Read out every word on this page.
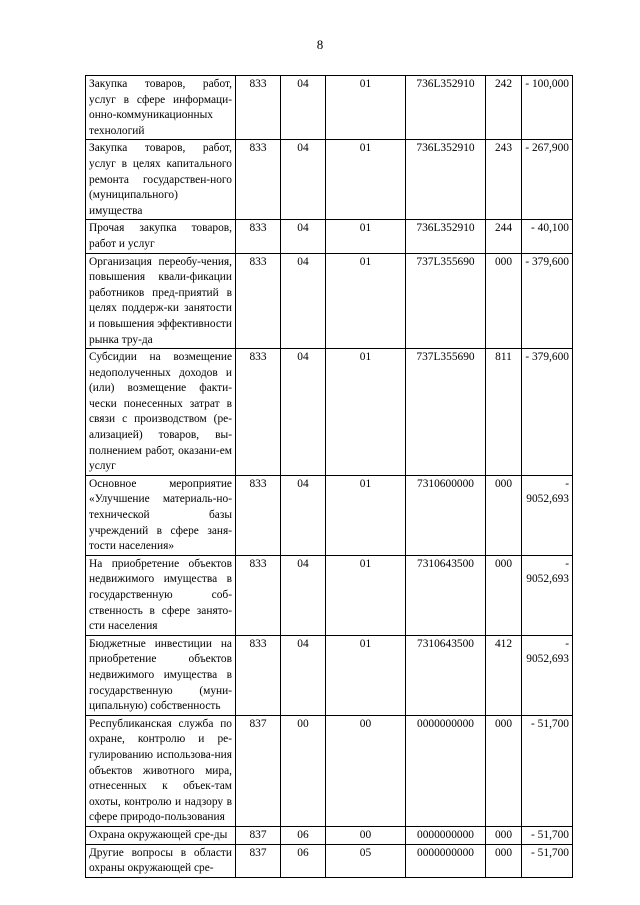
8
Закупка товаров, работ, услуг в сфере информаци-онно-коммуникационных технологий	833	04	01	736L352910	242	- 100,000
Закупка товаров, работ, услуг в целях капитального ремонта государствен-ного (муниципального) имущества	833	04	01	736L352910	243	- 267,900
Прочая закупка товаров, работ и услуг	833	04	01	736L352910	244	- 40,100
Организация переобу-чения, повышения квали-фикации работников пред-приятий в целях поддерж-ки занятости и повышения эффективности рынка тру-да	833	04	01	737L355690	000	- 379,600
Субсидии на возмещение недополученных доходов и (или) возмещение факти-чески понесенных затрат в связи с производством (ре-ализацией) товаров, вы-полнением работ, оказани-ем услуг	833	04	01	737L355690	811	- 379,600
Основное мероприятие «Улучшение материаль-но-технической базы учреждений в сфере заня-тости населения»	833	04	01	7310600000	000	- 9052,693
На приобретение объектов недвижимого имущества в государственную соб-ственность в сфере занято-сти населения	833	04	01	7310643500	000	- 9052,693
Бюджетные инвестиции на приобретение объектов недвижимого имущества в государственную (муни-ципальную) собственность	833	04	01	7310643500	412	- 9052,693
Республиканская служба по охране, контролю и ре-гулированию использова-ния объектов животного мира, отнесенных к объек-там охоты, контролю и надзору в сфере природо-пользования	837	00	00	0000000000	000	- 51,700
Охрана окружающей сре-ды	837	06	00	0000000000	000	- 51,700
Другие вопросы в области охраны окружающей сре-	837	06	05	0000000000	000	- 51,700
